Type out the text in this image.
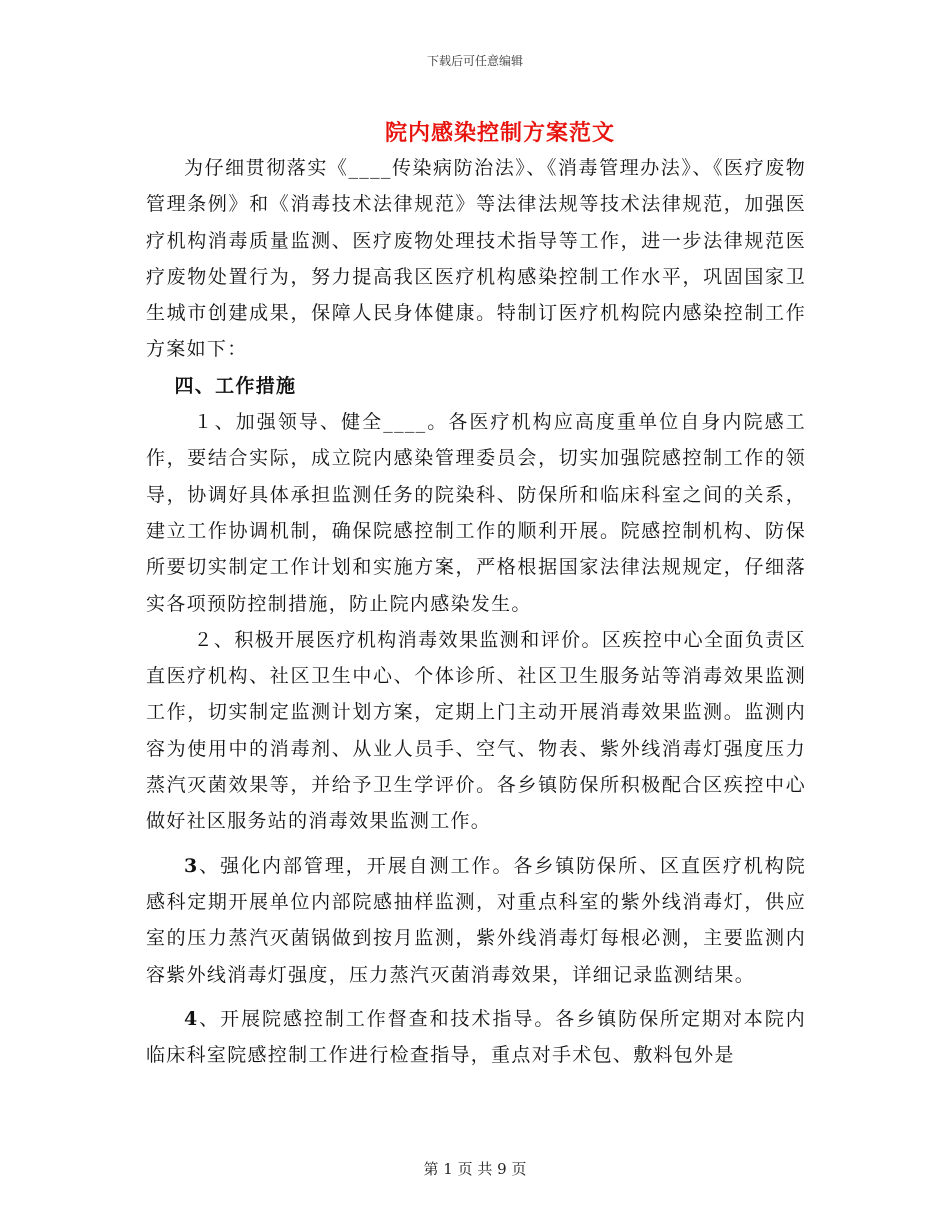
下载后可任意编辑
院内感染控制方案范文

为仔细贯彻落实《____传染病防治法》、《消毒管理办法》、《医疗废物管理条例》和《消毒技术法律规范》等法律法规等技术法律规范，加强医疗机构消毒质量监测、医疗废物处理技术指导等工作，进一步法律规范医疗废物处置行为，努力提高我区医疗机构感染控制工作水平，巩固国家卫生城市创建成果，保障人民身体健康。特制订医疗机构院内感染控制工作方案如下：

四、工作措施

１、加强领导、健全____。各医疗机构应高度重单位自身内院感工作，要结合实际，成立院内感染管理委员会，切实加强院感控制工作的领导，协调好具体承担监测任务的院染科、防保所和临床科室之间的关系，建立工作协调机制，确保院感控制工作的顺利开展。院感控制机构、防保所要切实制定工作计划和实施方案，严格根据国家法律法规规定，仔细落实各项预防控制措施，防止院内感染发生。

２、积极开展医疗机构消毒效果监测和评价。区疾控中心全面负责区直医疗机构、社区卫生中心、个体诊所、社区卫生服务站等消毒效果监测工作，切实制定监测计划方案，定期上门主动开展消毒效果监测。监测内容为使用中的消毒剂、从业人员手、空气、物表、紫外线消毒灯强度压力蒸汽灭菌效果等，并给予卫生学评价。各乡镇防保所积极配合区疾控中心做好社区服务站的消毒效果监测工作。

3、强化内部管理，开展自测工作。各乡镇防保所、区直医疗机构院感科定期开展单位内部院感抽样监测，对重点科室的紫外线消毒灯，供应室的压力蒸汽灭菌锅做到按月监测，紫外线消毒灯每根必测，主要监测内容紫外线消毒灯强度，压力蒸汽灭菌消毒效果，详细记录监测结果。

4、开展院感控制工作督查和技术指导。各乡镇防保所定期对本院内临床科室院感控制工作进行检查指导，重点对手术包、敷料包外是

第 1 页 共 9 页
